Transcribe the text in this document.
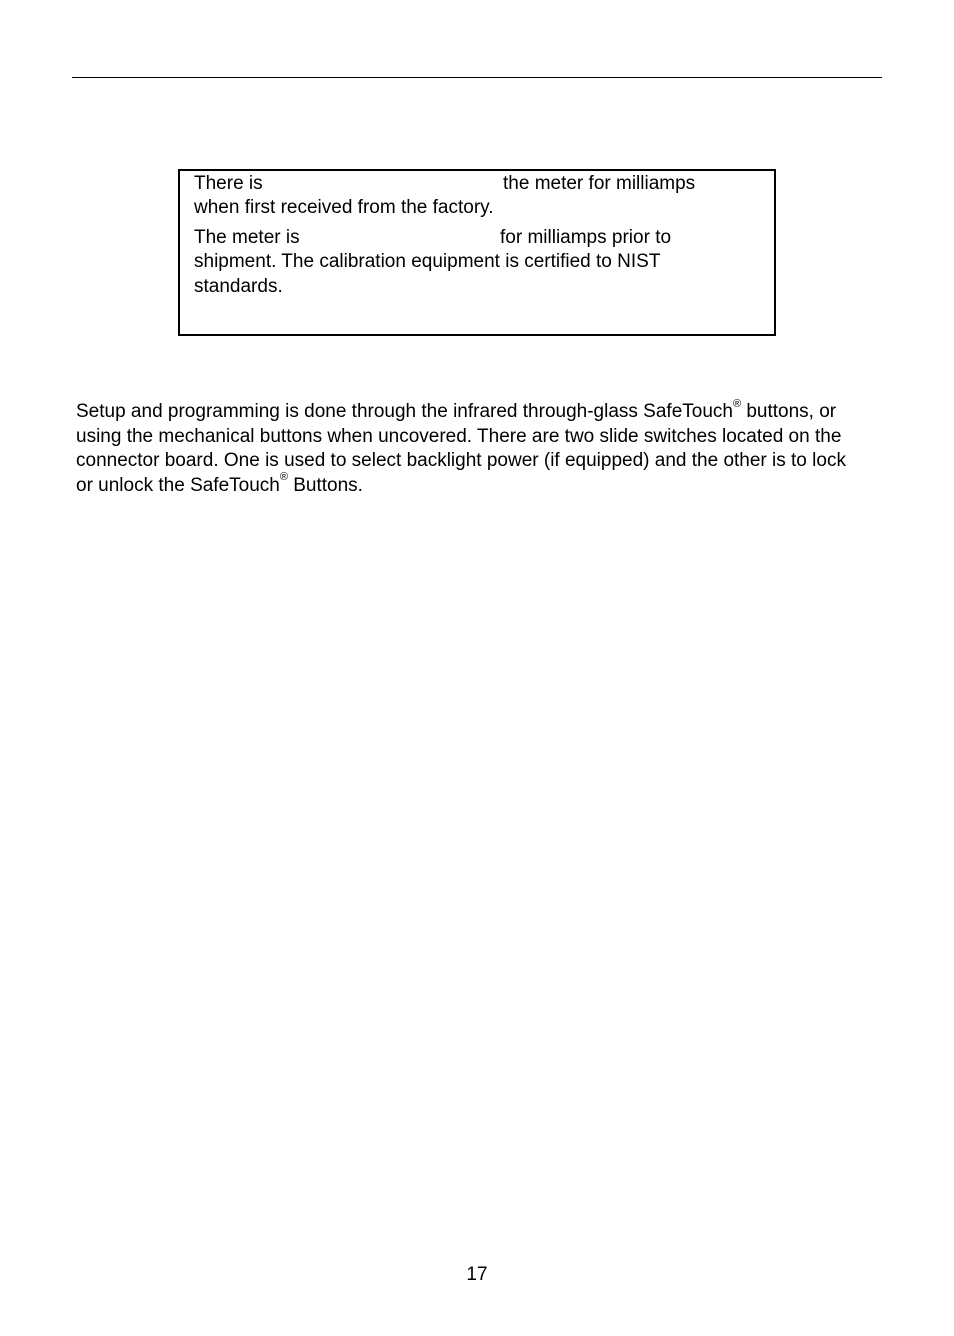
There is	the meter for milliamps
when first received from the factory.
The meter is	for milliamps prior to
shipment. The calibration equipment is certified to NIST
standards.

Setup and programming is done through the infrared through-glass SafeTouch® buttons, or using the mechanical buttons when uncovered. There are two slide switches located on the connector board. One is used to select backlight power (if equipped) and the other is to lock or unlock the SafeTouch® Buttons.

17
